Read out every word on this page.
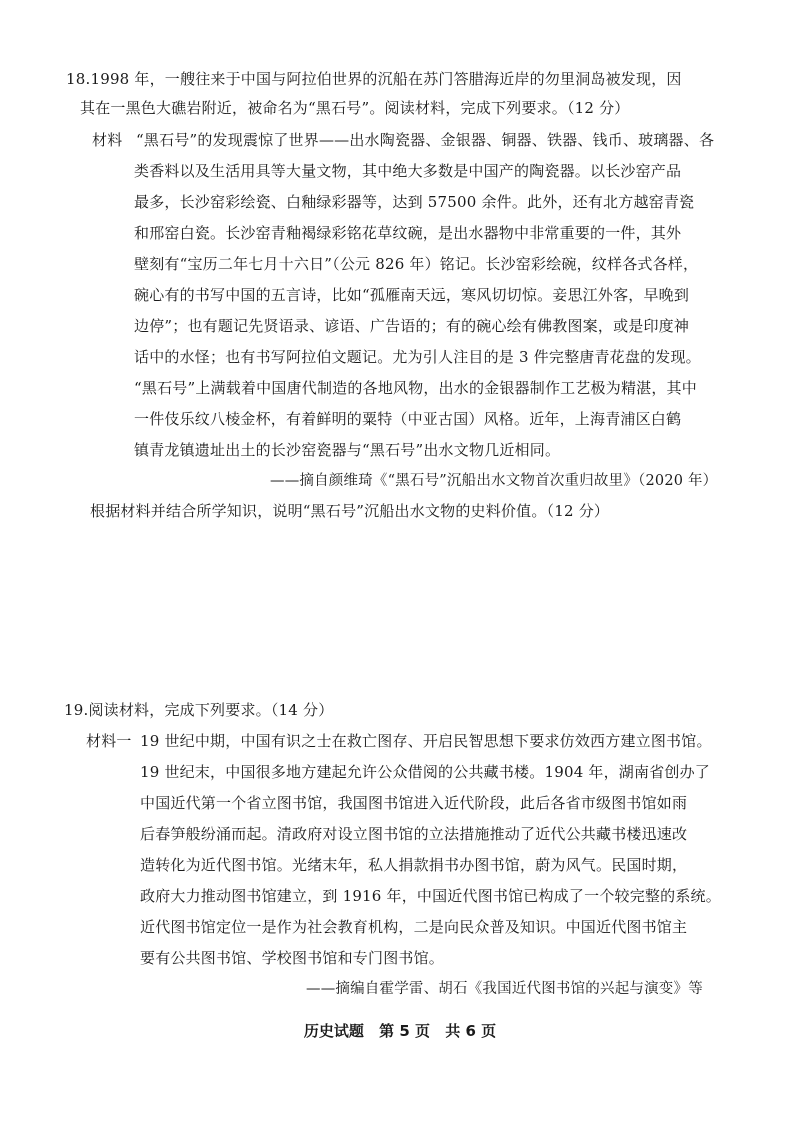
18.1998 年，一艘往来于中国与阿拉伯世界的沉船在苏门答腊海近岸的勿里洞岛被发现，因
其在一黑色大礁岩附近，被命名为“黑石号”。阅读材料，完成下列要求。（12 分）
材料 “黑石号”的发现震惊了世界——出水陶瓷器、金银器、铜器、铁器、钱币、玻璃器、各
类香料以及生活用具等大量文物，其中绝大多数是中国产的陶瓷器。以长沙窑产品
最多，长沙窑彩绘瓷、白釉绿彩器等，达到 57500 余件。此外，还有北方越窑青瓷
和邢窑白瓷。长沙窑青釉褐绿彩铭花草纹碗，是出水器物中非常重要的一件，其外
壁刻有“宝历二年七月十六日”（公元 826 年）铭记。长沙窑彩绘碗，纹样各式各样，
碗心有的书写中国的五言诗，比如“孤雁南天远，寒风切切惊。妾思江外客，早晚到
边停”；也有题记先贤语录、谚语、广告语的；有的碗心绘有佛教图案，或是印度神
话中的水怪；也有书写阿拉伯文题记。尤为引人注目的是 3 件完整唐青花盘的发现。
“黑石号”上满载着中国唐代制造的各地风物，出水的金银器制作工艺极为精湛，其中
一件伎乐纹八棱金杯，有着鲜明的粟特（中亚古国）风格。近年，上海青浦区白鹤
镇青龙镇遗址出土的长沙窑瓷器与“黑石号”出水文物几近相同。
——摘自颜维琦《“黑石号”沉船出水文物首次重归故里》（2020 年）
根据材料并结合所学知识，说明“黑石号”沉船出水文物的史料价值。（12 分）
19.阅读材料，完成下列要求。（14 分）
材料一 19 世纪中期，中国有识之士在救亡图存、开启民智思想下要求仿效西方建立图书馆。
19 世纪末，中国很多地方建起允许公众借阅的公共藏书楼。1904 年，湖南省创办了
中国近代第一个省立图书馆，我国图书馆进入近代阶段，此后各省市级图书馆如雨
后春笋般纷涌而起。清政府对设立图书馆的立法措施推动了近代公共藏书楼迅速改
造转化为近代图书馆。光绪末年，私人捐款捐书办图书馆，蔚为风气。民国时期，
政府大力推动图书馆建立，到 1916 年，中国近代图书馆已构成了一个较完整的系统。
近代图书馆定位一是作为社会教育机构，二是向民众普及知识。中国近代图书馆主
要有公共图书馆、学校图书馆和专门图书馆。
——摘编自霍学雷、胡石《我国近代图书馆的兴起与演变》等
历史试题 第 5 页 共 6 页
